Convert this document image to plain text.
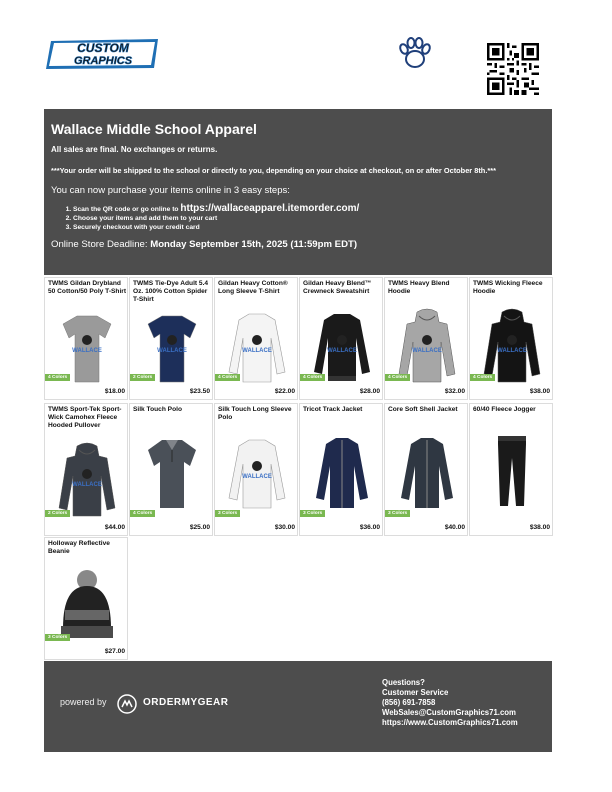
CUSTOM
GRAPHICS
Wallace Middle School Apparel
All sales are final. No exchanges or returns.
***Your order will be shipped to the school or directly to you, depending on your choice at checkout, on or after October 8th.***
You can now purchase your items online in 3 easy steps:
1. Scan the QR code or go online to https://wallaceapparel.itemorder.com/
2. Choose your items and add them to your cart
3. Securely checkout with your credit card
Online Store Deadline: Monday September 15th, 2025 (11:59pm EDT)
TWMS Gildan Drybland 50 Cotton/50 Poly T-Shirt
WALLACE
4 Colors
$18.00
TWMS Tie-Dye Adult 5.4 Oz. 100% Cotton Spider T-Shirt
WALLACE
2 Colors
$23.50
Gildan Heavy Cotton® Long Sleeve T-Shirt
WALLACE
4 Colors
$22.00
Gildan Heavy Blend™ Crewneck Sweatshirt
WALLACE
4 Colors
$28.00
TWMS Heavy Blend Hoodie
WALLACE
4 Colors
$32.00
TWMS Wicking Fleece Hoodie
WALLACE
4 Colors
$38.00
TWMS Sport-Tek Sport-Wick Camohex Fleece Hooded Pullover
WALLACE
2 Colors
$44.00
Silk Touch Polo
4 Colors
$25.00
Silk Touch Long Sleeve Polo
WALLACE
3 Colors
$30.00
Tricot Track Jacket
3 Colors
$36.00
Core Soft Shell Jacket
3 Colors
$40.00
60/40 Fleece Jogger
$38.00
Holloway Reflective Beanie
3 Colors
$27.00
powered by	ORDERMYGEAR
Questions?
Customer Service
(856) 691-7858
WebSales@CustomGraphics71.com
https://www.CustomGraphics71.com
